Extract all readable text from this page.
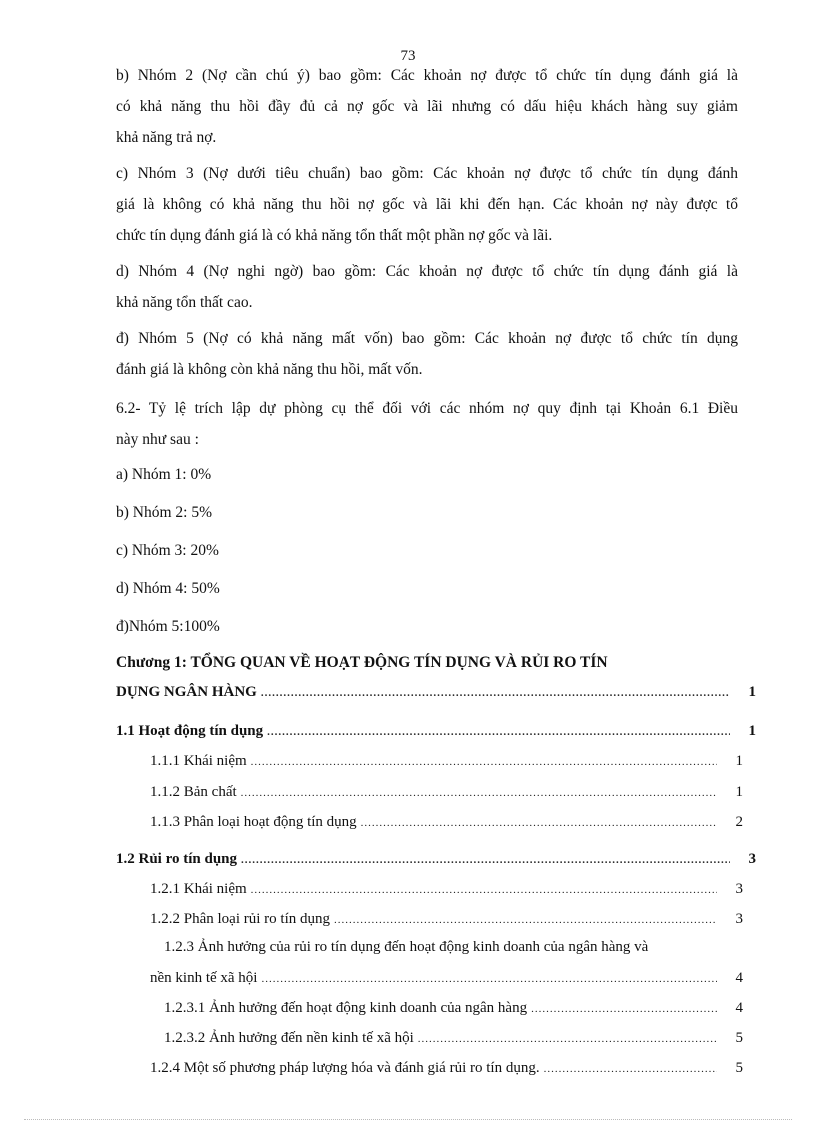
73
b) Nhóm 2 (Nợ cần chú ý) bao gồm: Các khoản nợ được tổ chức tín dụng đánh giá là
có khả năng thu hồi đầy đủ cả nợ gốc và lãi nhưng có dấu hiệu khách hàng suy giảm
khả năng trả nợ.
c) Nhóm 3 (Nợ dưới tiêu chuẩn) bao gồm: Các khoản nợ được tổ chức tín dụng đánh
giá là không có khả năng thu hồi nợ gốc và lãi khi đến hạn. Các khoản nợ này được tổ
chức tín dụng đánh giá là có khả năng tổn thất một phần nợ gốc và lãi.
d) Nhóm 4 (Nợ nghi ngờ) bao gồm: Các khoản nợ được tổ chức tín dụng đánh giá là
khả năng tổn thất cao.
đ) Nhóm 5 (Nợ có khả năng mất vốn) bao gồm: Các khoản nợ được tổ chức tín dụng
đánh giá là không còn khả năng thu hồi, mất vốn.
6.2- Tỷ lệ trích lập dự phòng cụ thể đối với các nhóm nợ quy định tại Khoản 6.1 Điều
này như sau :
a) Nhóm 1: 0%
b) Nhóm 2: 5%
c) Nhóm 3: 20%
d) Nhóm 4: 50%
đ)Nhóm 5:100%
Chương 1: TỔNG QUAN VỀ HOẠT ĐỘNG TÍN DỤNG VÀ RỦI RO TÍN
DỤNG NGÂN HÀNG .....	1
1.1 Hoạt động tín dụng .....	1
1.1.1 Khái niệm .....	1
1.1.2 Bản chất .....	1
1.1.3 Phân loại hoạt động tín dụng .....	2
1.2 Rủi ro tín dụng .....	3
1.2.1 Khái niệm .....	3
1.2.2 Phân loại rủi ro tín dụng .....	3
1.2.3 Ảnh hưởng của rủi ro tín dụng đến hoạt động kinh doanh của ngân hàng và
nền kinh tế xã hội .....	4
1.2.3.1 Ảnh hưởng đến hoạt động kinh doanh của ngân hàng .....	4
1.2.3.2 Ảnh hưởng đến nền kinh tế xã hội .....	5
1.2.4 Một số phương pháp lượng hóa và đánh giá rủi ro tín dụng. .....	5
